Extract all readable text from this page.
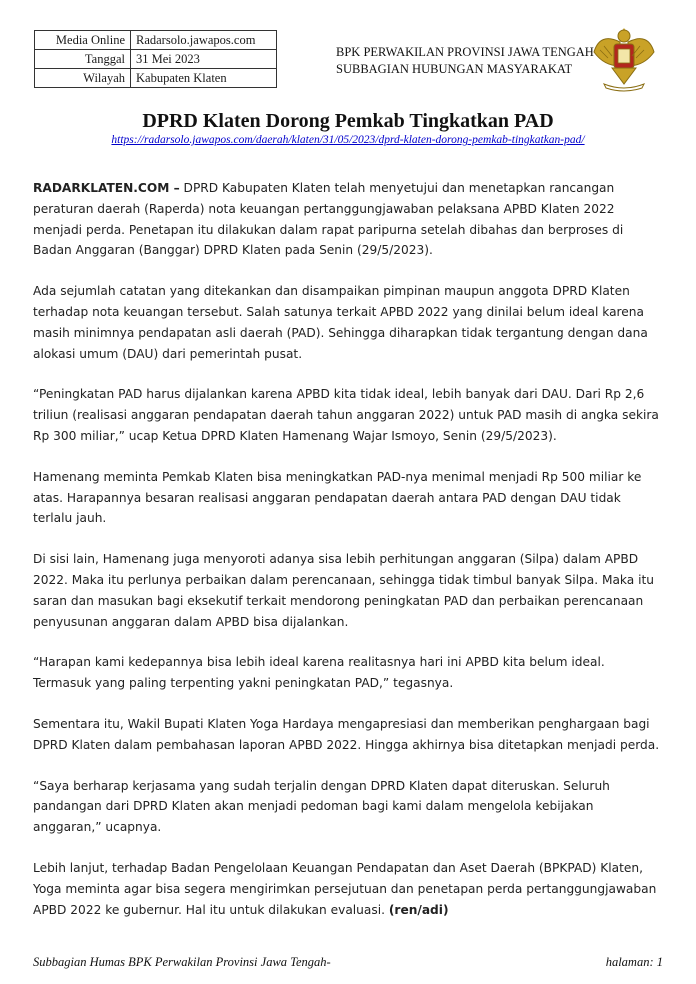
Media Online	Radarsolo.jawapos.com
Tanggal	31 Mei 2023
Wilayah	Kabupaten Klaten
BPK PERWAKILAN PROVINSI JAWA TENGAH
SUBBAGIAN HUBUNGAN MASYARAKAT
DPRD Klaten Dorong Pemkab Tingkatkan PAD
https://radarsolo.jawapos.com/daerah/klaten/31/05/2023/dprd-klaten-dorong-pemkab-tingkatkan-pad/

RADARKLATEN.COM – DPRD Kabupaten Klaten telah menyetujui dan menetapkan rancangan peraturan daerah (Raperda) nota keuangan pertanggungjawaban pelaksana APBD Klaten 2022 menjadi perda. Penetapan itu dilakukan dalam rapat paripurna setelah dibahas dan berproses di Badan Anggaran (Banggar) DPRD Klaten pada Senin (29/5/2023).

Ada sejumlah catatan yang ditekankan dan disampaikan pimpinan maupun anggota DPRD Klaten terhadap nota keuangan tersebut. Salah satunya terkait APBD 2022 yang dinilai belum ideal karena masih minimnya pendapatan asli daerah (PAD). Sehingga diharapkan tidak tergantung dengan dana alokasi umum (DAU) dari pemerintah pusat.

“Peningkatan PAD harus dijalankan karena APBD kita tidak ideal, lebih banyak dari DAU. Dari Rp 2,6 triliun (realisasi anggaran pendapatan daerah tahun anggaran 2022) untuk PAD masih di angka sekira Rp 300 miliar,” ucap Ketua DPRD Klaten Hamenang Wajar Ismoyo, Senin (29/5/2023).

Hamenang meminta Pemkab Klaten bisa meningkatkan PAD-nya menimal menjadi Rp 500 miliar ke atas. Harapannya besaran realisasi anggaran pendapatan daerah antara PAD dengan DAU tidak terlalu jauh.

Di sisi lain, Hamenang juga menyoroti adanya sisa lebih perhitungan anggaran (Silpa) dalam APBD 2022. Maka itu perlunya perbaikan dalam perencanaan, sehingga tidak timbul banyak Silpa. Maka itu saran dan masukan bagi eksekutif terkait mendorong peningkatan PAD dan perbaikan perencanaan penyusunan anggaran dalam APBD bisa dijalankan.

“Harapan kami kedepannya bisa lebih ideal karena realitasnya hari ini APBD kita belum ideal. Termasuk yang paling terpenting yakni peningkatan PAD,” tegasnya.

Sementara itu, Wakil Bupati Klaten Yoga Hardaya mengapresiasi dan memberikan penghargaan bagi DPRD Klaten dalam pembahasan laporan APBD 2022. Hingga akhirnya bisa ditetapkan menjadi perda.

“Saya berharap kerjasama yang sudah terjalin dengan DPRD Klaten dapat diteruskan. Seluruh pandangan dari DPRD Klaten akan menjadi pedoman bagi kami dalam mengelola kebijakan anggaran,” ucapnya.

Lebih lanjut, terhadap Badan Pengelolaan Keuangan Pendapatan dan Aset Daerah (BPKPAD) Klaten, Yoga meminta agar bisa segera mengirimkan persejutuan dan penetapan perda pertanggungjawaban APBD 2022 ke gubernur. Hal itu untuk dilakukan evaluasi. (ren/adi)

Subbagian Humas BPK Perwakilan Provinsi Jawa Tengah-	halaman: 1
